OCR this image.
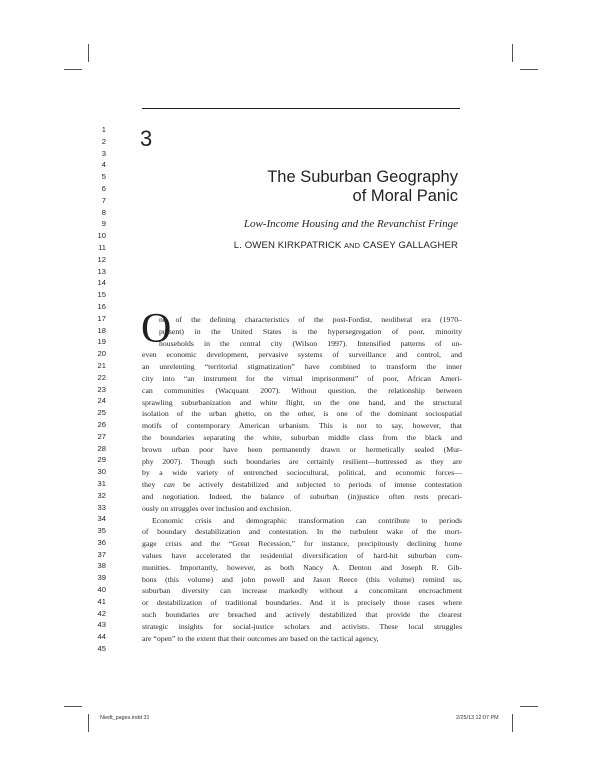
1
2
3
4
5
6
7
8
9
10
11
12
13
14
15
16
17
18
19
20
21
22
23
24
25
26
27
28
29
30
31
32
33
34
35
36
37
38
39
40
41
42
43
44
45
3
The Suburban Geography
of Moral Panic
Low-Income Housing and the Revanchist Fringe
L. OWEN KIRKPATRICK AND CASEY GALLAGHER
O
ne of the defining characteristics of the post-Fordist, neoliberal era (1970–
present) in the United States is the hypersegregation of poor, minority
households in the central city (Wilson 1997). Intensified patterns of un-
even economic development, pervasive systems of surveillance and control, and
an unrelenting “territorial stigmatization” have combined to transform the inner
city into “an instrument for the virtual imprisonment” of poor, African Ameri-
can communities (Wacquant 2007). Without question, the relationship between
sprawling suburbanization and white flight, on the one hand, and the structural
isolation of the urban ghetto, on the other, is one of the dominant sociospatial
motifs of contemporary American urbanism. This is not to say, however, that
the boundaries separating the white, suburban middle class from the black and
brown urban poor have been permanently drawn or hermetically sealed (Mur-
phy 2007). Though such boundaries are certainly resilient—buttressed as they are
by a wide variety of entrenched sociocultural, political, and economic forces—
they can be actively destabilized and subjected to periods of intense contestation
and negotiation. Indeed, the balance of suburban (in)justice often rests precari-
ously on struggles over inclusion and exclusion.
Economic crisis and demographic transformation can contribute to periods
of boundary destabilization and contestation. In the turbulent wake of the mort-
gage crisis and the “Great Recession,” for instance, precipitously declining home
values have accelerated the residential diversification of hard-hit suburban com-
munities. Importantly, however, as both Nancy A. Denton and Joseph R. Gib-
bons (this volume) and john powell and Jason Reece (this volume) remind us,
suburban diversity can increase markedly without a concomitant encroachment
or destabilization of traditional boundaries. And it is precisely those cases where
such boundaries are breached and actively destabilized that provide the clearest
strategic insights for social-justice scholars and activists. These local struggles
are “open” to the extent that their outcomes are based on the tactical agency,
Niedt_pages.indd 31	2/25/13 12:07 PM
